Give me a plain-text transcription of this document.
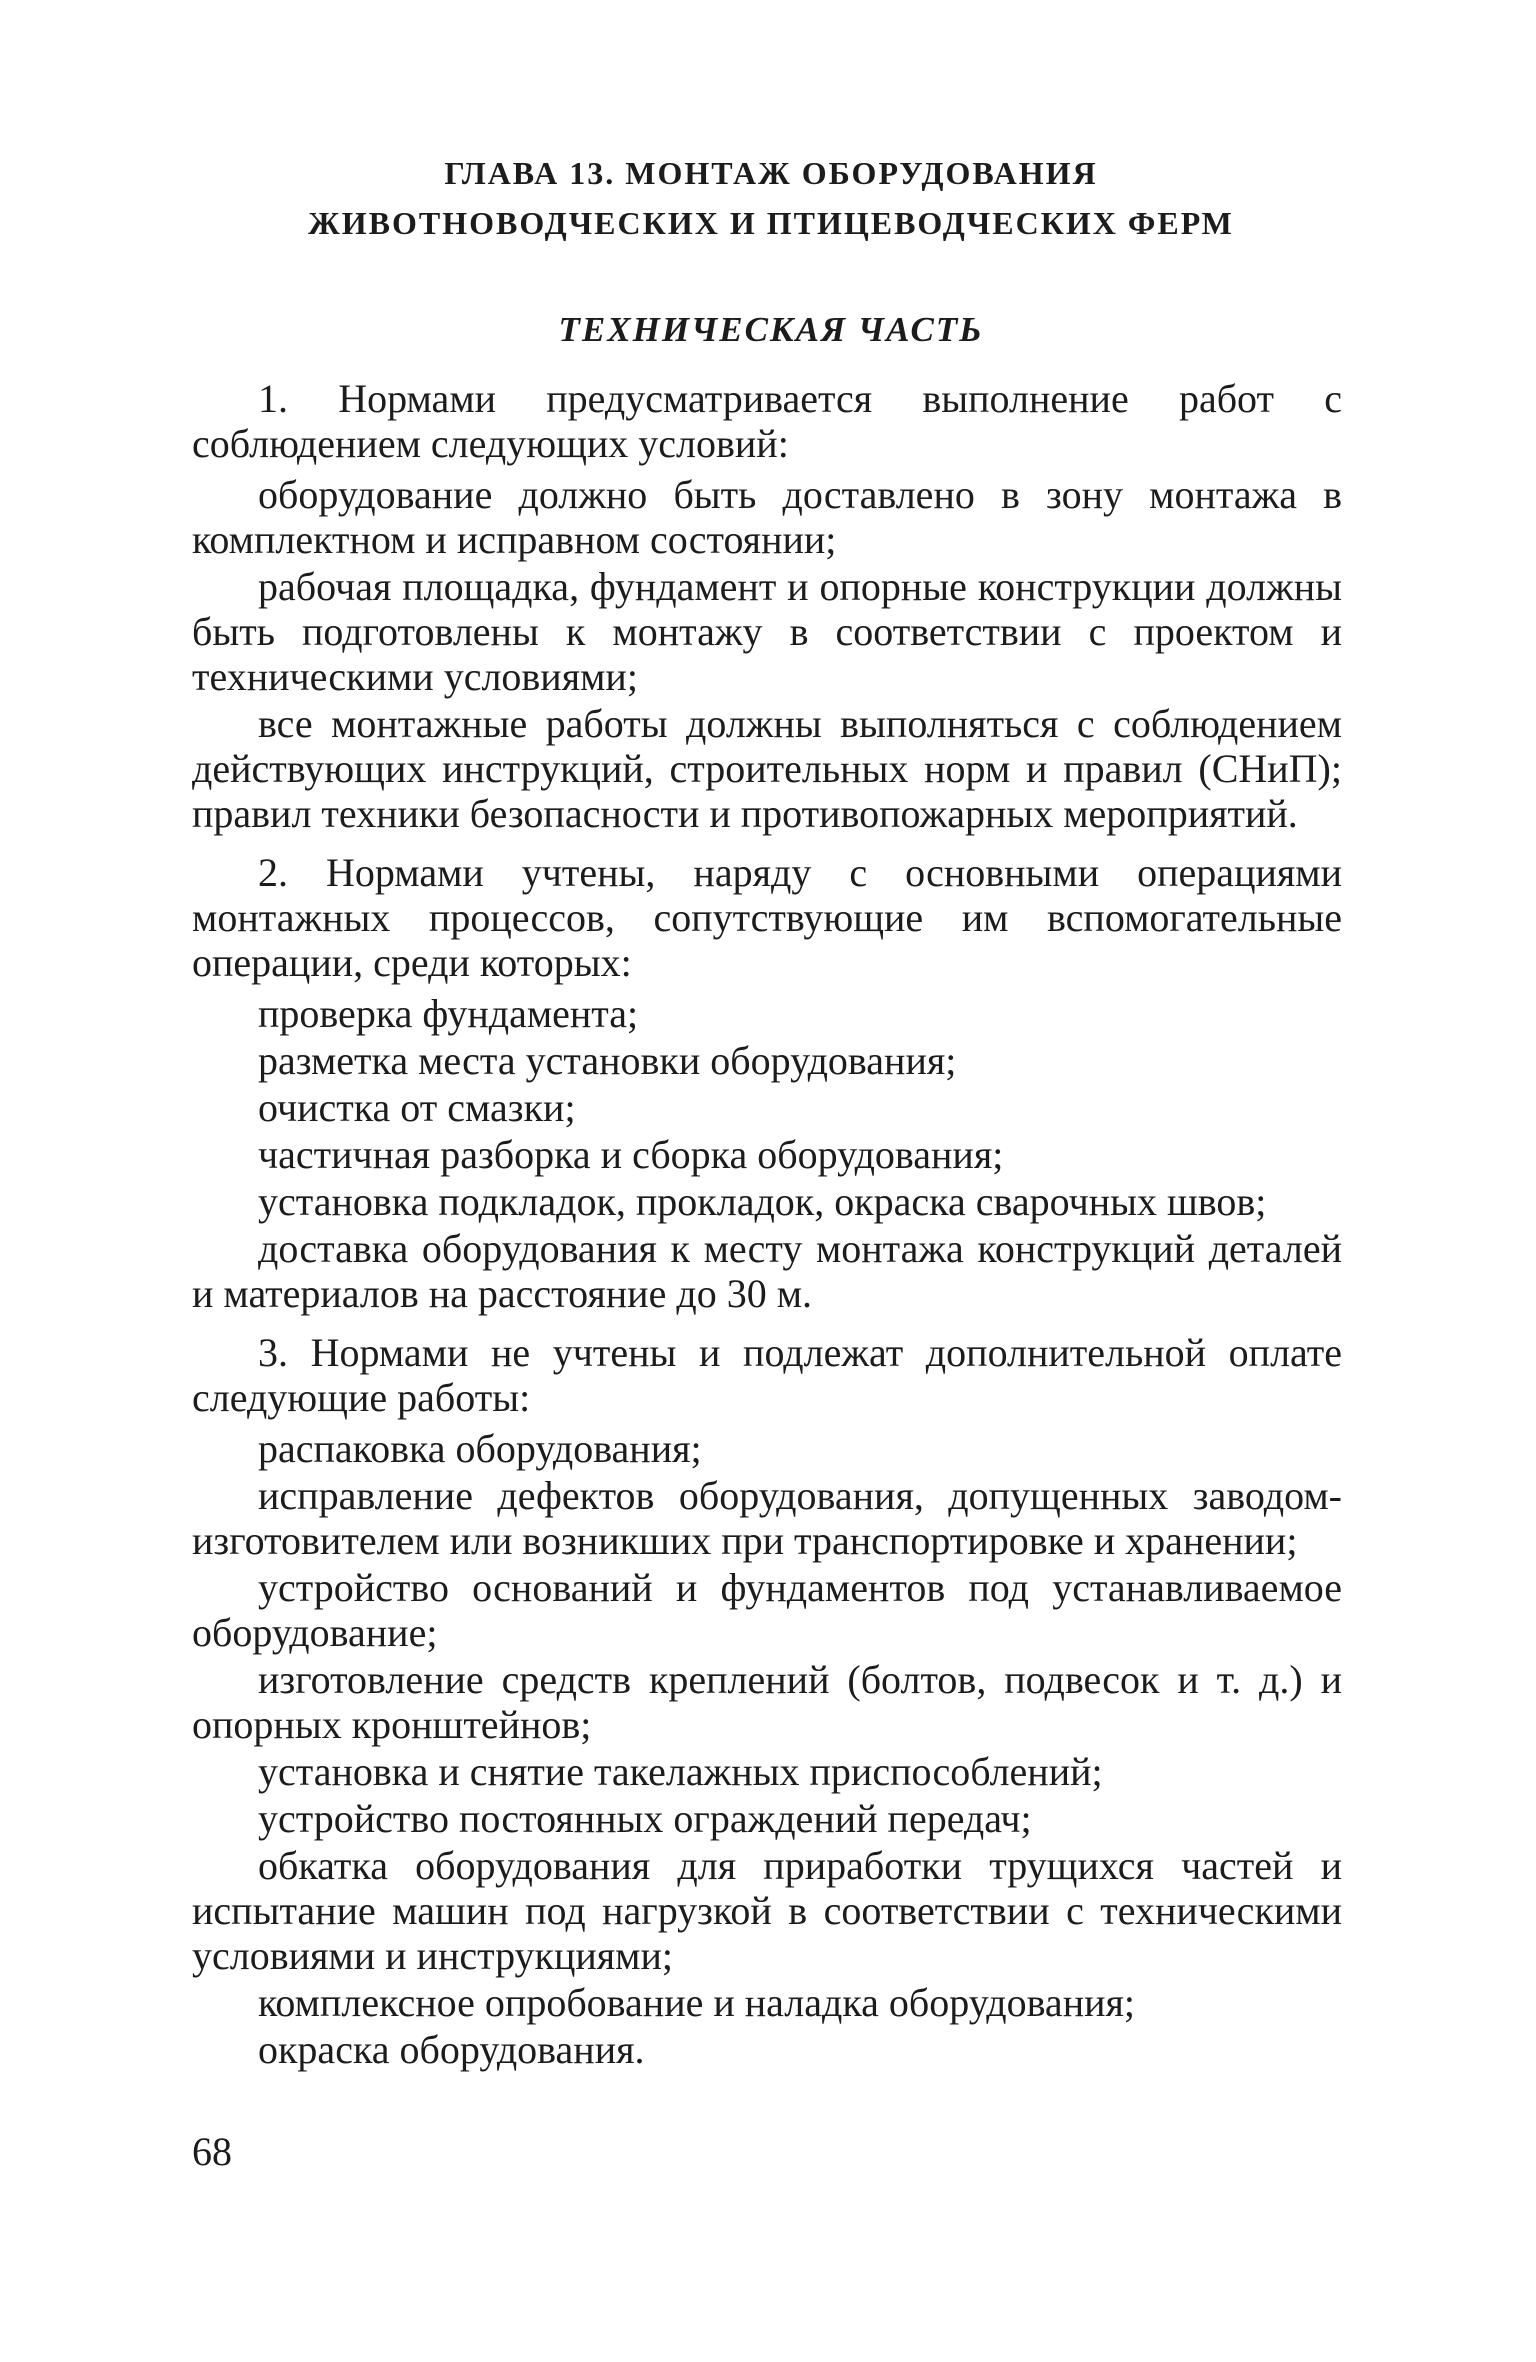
ГЛАВА 13. МОНТАЖ ОБОРУДОВАНИЯ
ЖИВОТНОВОДЧЕСКИХ И ПТИЦЕВОДЧЕСКИХ ФЕРМ
ТЕХНИЧЕСКАЯ ЧАСТЬ

1. Нормами предусматривается выполнение работ с соблюдением следующих условий:

оборудование должно быть доставлено в зону монтажа в комплектном и исправном состоянии;

рабочая площадка, фундамент и опорные конструкции должны быть подготовлены к монтажу в соответствии с проектом и техническими условиями;

все монтажные работы должны выполняться с соблюдением действующих инструкций, строительных норм и правил (СНиП); правил техники безопасности и противопожарных мероприятий.

2. Нормами учтены, наряду с основными операциями монтажных процессов, сопутствующие им вспомогательные операции, среди которых:

проверка фундамента;

разметка места установки оборудования;

очистка от смазки;

частичная разборка и сборка оборудования;

установка подкладок, прокладок, окраска сварочных швов;

доставка оборудования к месту монтажа конструкций деталей и материалов на расстояние до 30 м.

3. Нормами не учтены и подлежат дополнительной оплате следующие работы:

распаковка оборудования;

исправление дефектов оборудования, допущенных заводом-изготовителем или возникших при транспортировке и хранении;

устройство оснований и фундаментов под устанавливаемое оборудование;

изготовление средств креплений (болтов, подвесок и т. д.) и опорных кронштейнов;

установка и снятие такелажных приспособлений;

устройство постоянных ограждений передач;

обкатка оборудования для приработки трущихся частей и испытание машин под нагрузкой в соответствии с техническими условиями и инструкциями;

комплексное опробование и наладка оборудования;

окраска оборудования.

68
